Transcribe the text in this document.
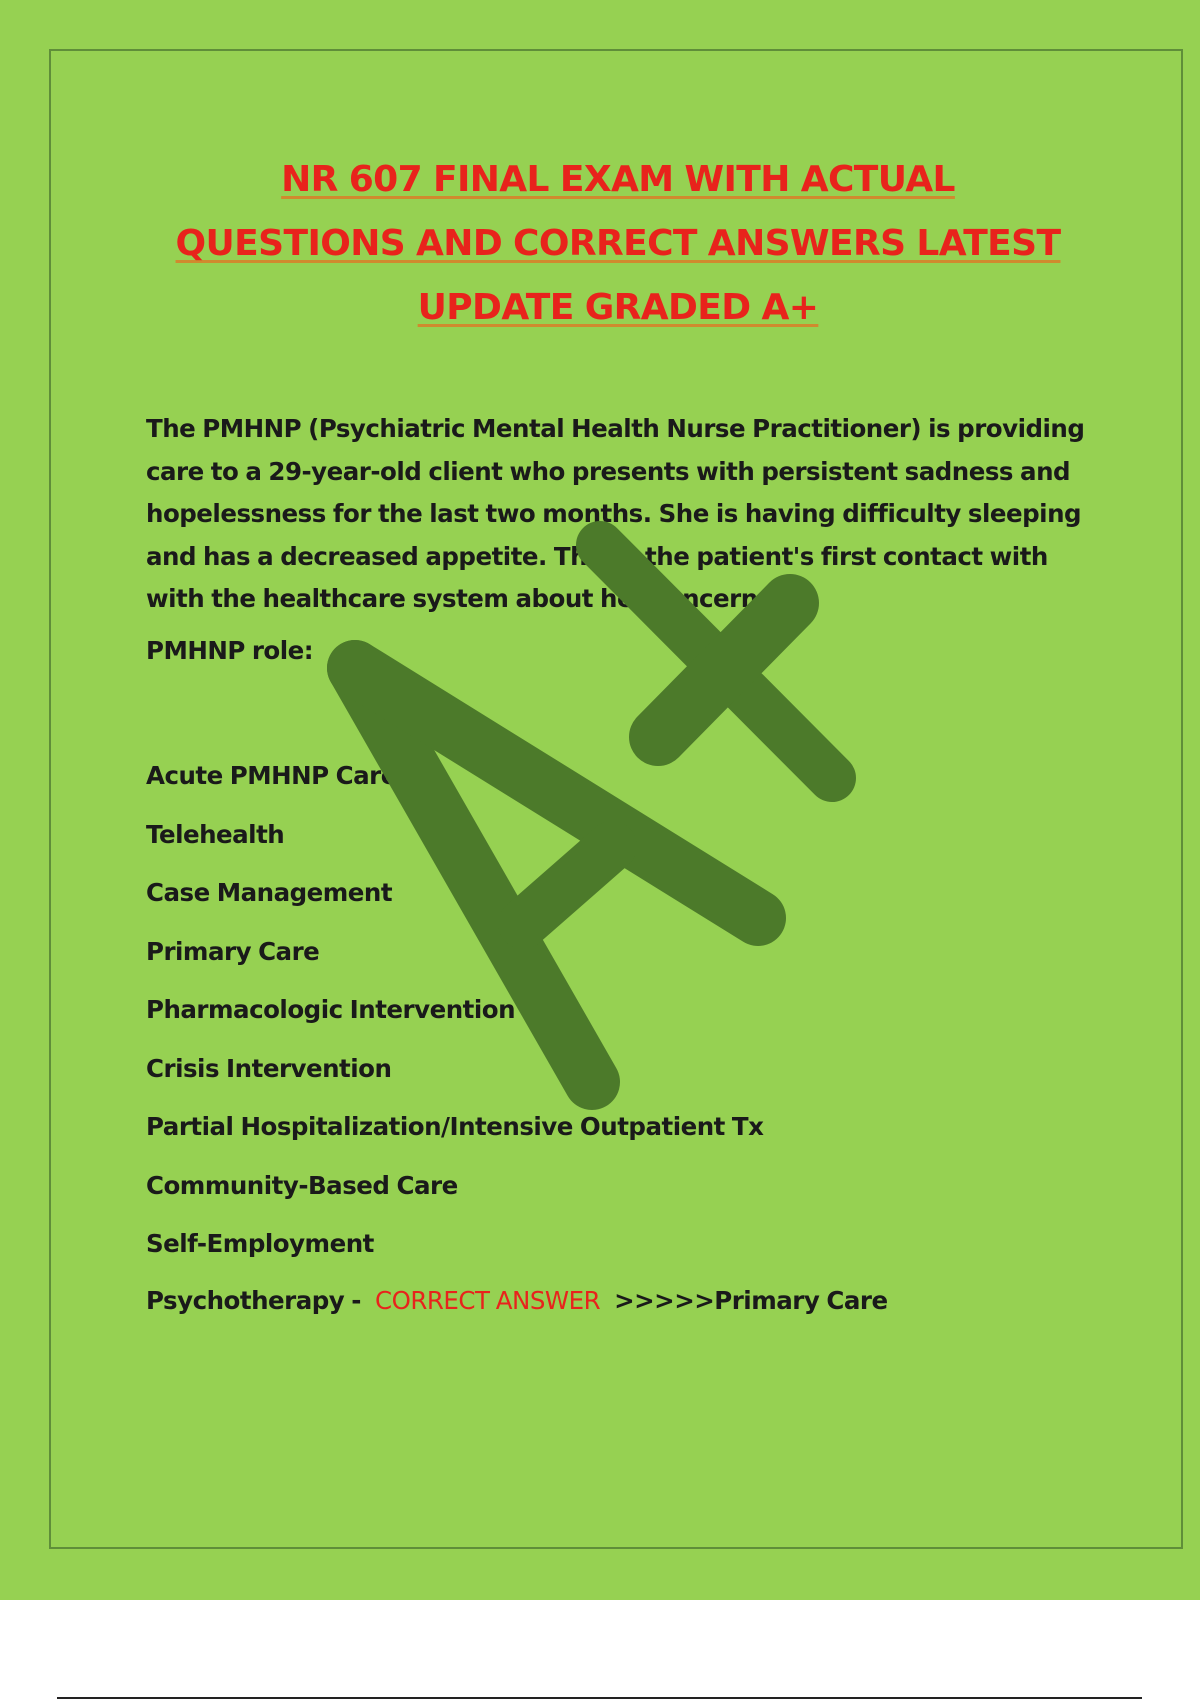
NR 607 FINAL EXAM WITH ACTUAL
QUESTIONS AND CORRECT ANSWERS LATEST
UPDATE GRADED A+

The PMHNP (Psychiatric Mental Health Nurse Practitioner) is providing care to a 29-year-old client who presents with persistent sadness and hopelessness for the last two months. She is having difficulty sleeping and has a decreased appetite. This is the patient's first contact with with the healthcare system about her concerns.

PMHNP role:

Acute PMHNP Care
Telehealth
Case Management
Primary Care
Pharmacologic Intervention
Crisis Intervention
Partial Hospitalization/Intensive Outpatient Tx
Community-Based Care
Self-Employment
Psychotherapy - CORRECT ANSWER >>>>>Primary Care
